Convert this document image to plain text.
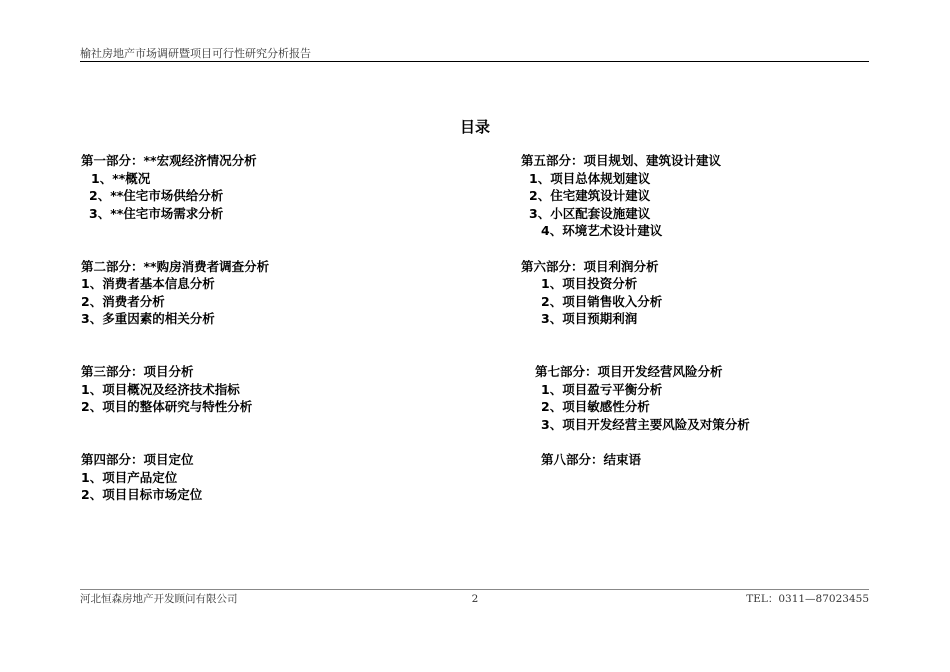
榆社房地产市场调研暨项目可行性研究分析报告
目录
第一部分：**宏观经济情况分析
1、**概况
2、**住宅市场供给分析
3、**住宅市场需求分析
第二部分：**购房消费者调查分析
1、消费者基本信息分析
2、消费者分析
3、多重因素的相关分析
第三部分：项目分析
1、项目概况及经济技术指标
2、项目的整体研究与特性分析
第四部分：项目定位
1、项目产品定位
2、项目目标市场定位
第五部分：项目规划、建筑设计建议
1、项目总体规划建议
2、住宅建筑设计建议
3、小区配套设施建议
4、环境艺术设计建议
第六部分：项目利润分析
1、项目投资分析
2、项目销售收入分析
3、项目预期利润
第七部分：项目开发经营风险分析
1、项目盈亏平衡分析
2、项目敏感性分析
3、项目开发经营主要风险及对策分析
第八部分：结束语
河北恒森房地产开发顾问有限公司	2	TEL：0311—87023455
